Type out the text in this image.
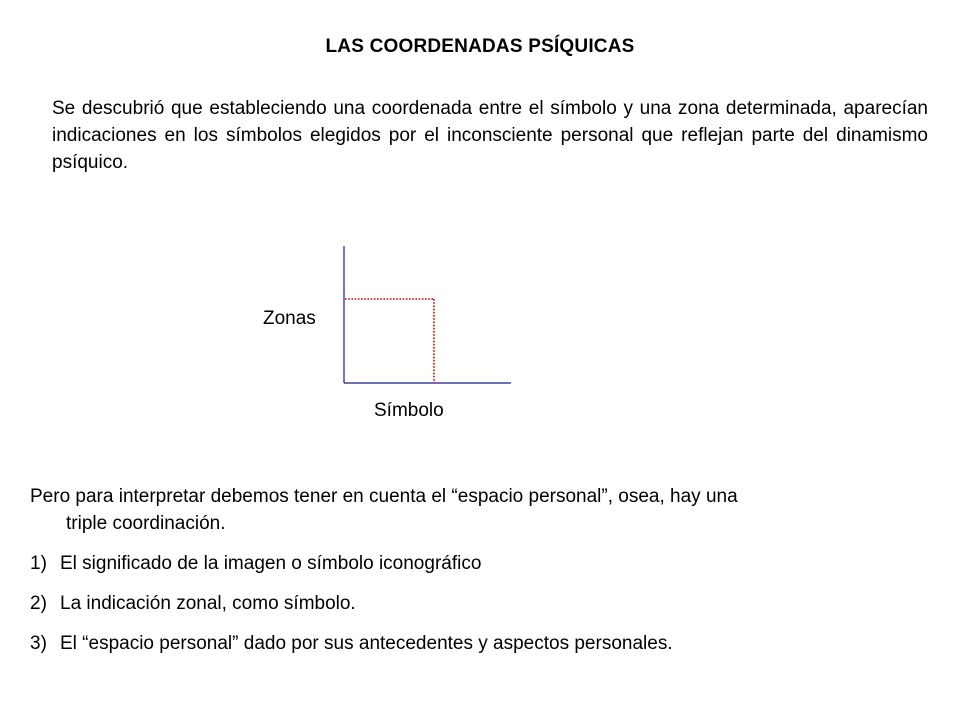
LAS COORDENADAS PSÍQUICAS
Se descubrió que estableciendo una coordenada entre el símbolo y una zona determinada, aparecían indicaciones en los símbolos elegidos por el inconsciente personal que reflejan parte del dinamismo psíquico.
Zonas
Símbolo
Pero para interpretar debemos tener en cuenta el “espacio personal”, osea, hay una
triple coordinación.
1) El significado de la imagen o símbolo iconográfico
2) La indicación zonal, como símbolo.
3) El “espacio personal” dado por sus antecedentes y aspectos personales.
